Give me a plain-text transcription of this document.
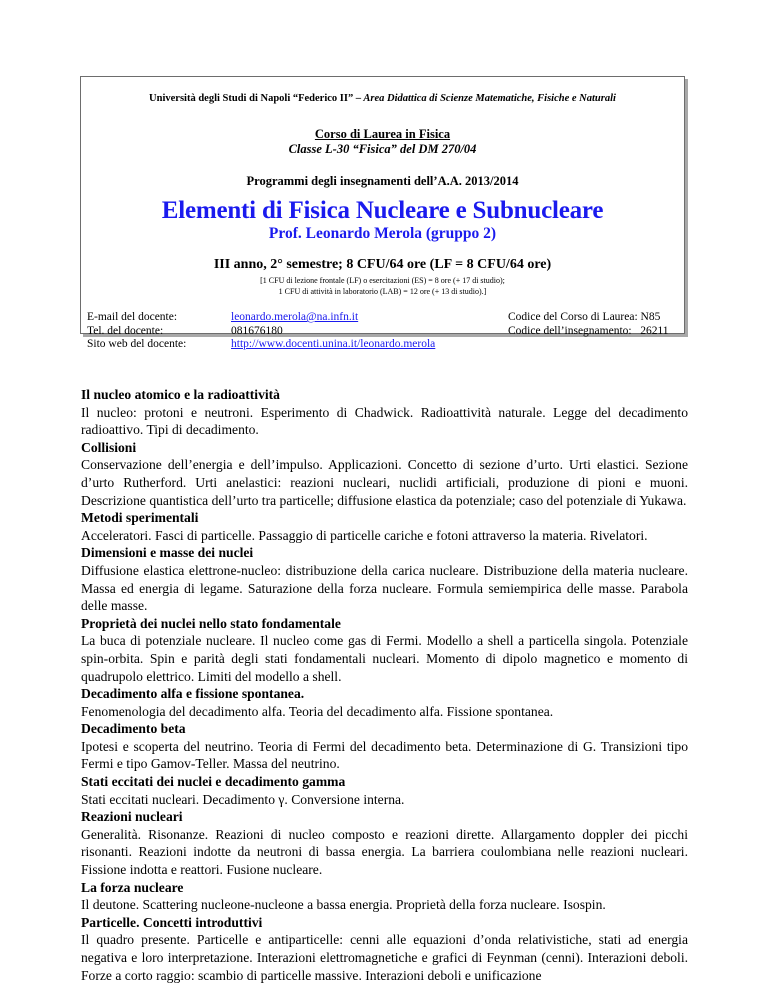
Università degli Studi di Napoli “Federico II” – Area Didattica di Scienze Matematiche, Fisiche e Naturali
Corso di Laurea in Fisica
Classe L-30 “Fisica” del DM 270/04
Programmi degli insegnamenti dell’A.A. 2013/2014
Elementi di Fisica Nucleare e Subnucleare
Prof. Leonardo Merola (gruppo 2)
III anno, 2° semestre; 8 CFU/64 ore (LF = 8 CFU/64 ore)
[1 CFU di lezione frontale (LF) o esercitazioni (ES) = 8 ore (+ 17 di studio);
1 CFU di attività in laboratorio (LAB) = 12 ore (+ 13 di studio).]
E-mail del docente:
Tel. del docente:
Sito web del docente:
leonardo.merola@na.infn.it
081676180
http://www.docenti.unina.it/leonardo.merola
Codice del Corso di Laurea: N85
Codice dell’insegnamento:   26211
Il nucleo atomico e la radioattività

Il nucleo: protoni e neutroni. Esperimento di Chadwick. Radioattività naturale. Legge del decadimento radioattivo. Tipi di decadimento.

Collisioni

Conservazione dell’energia e dell’impulso. Applicazioni. Concetto di sezione d’urto. Urti elastici. Sezione d’urto Rutherford. Urti anelastici: reazioni nucleari, nuclidi artificiali, produzione di pioni e muoni. Descrizione quantistica dell’urto tra particelle; diffusione elastica da potenziale; caso del potenziale di Yukawa.

Metodi sperimentali

Acceleratori. Fasci di particelle. Passaggio di particelle cariche e fotoni attraverso la materia. Rivelatori.

Dimensioni e masse dei nuclei

Diffusione elastica elettrone-nucleo: distribuzione della carica nucleare. Distribuzione della materia nucleare. Massa ed energia di legame. Saturazione della forza nucleare. Formula semiempirica delle masse. Parabola delle masse.

Proprietà dei nuclei nello stato fondamentale

La buca di potenziale nucleare. Il nucleo come gas di Fermi. Modello a shell a particella singola. Potenziale spin-orbita. Spin e parità degli stati fondamentali nucleari. Momento di dipolo magnetico e momento di quadrupolo elettrico. Limiti del modello a shell.

Decadimento alfa e fissione spontanea.

Fenomenologia del decadimento alfa. Teoria del decadimento alfa. Fissione spontanea.

Decadimento beta

Ipotesi e scoperta del neutrino. Teoria di Fermi del decadimento beta. Determinazione di G. Transizioni tipo Fermi e tipo Gamov-Teller. Massa del neutrino.

Stati eccitati dei nuclei e decadimento gamma

Stati eccitati nucleari. Decadimento γ. Conversione interna.

Reazioni nucleari

Generalità. Risonanze. Reazioni di nucleo composto e reazioni dirette. Allargamento doppler dei picchi risonanti. Reazioni indotte da neutroni di bassa energia. La barriera coulombiana nelle reazioni nucleari. Fissione indotta e reattori. Fusione nucleare.

La forza nucleare

Il deutone. Scattering nucleone-nucleone a bassa energia. Proprietà della forza nucleare. Isospin.

Particelle. Concetti introduttivi

Il quadro presente. Particelle e antiparticelle: cenni alle equazioni d’onda relativistiche, stati ad energia negativa e loro interpretazione. Interazioni elettromagnetiche e grafici di Feynman (cenni). Interazioni deboli. Forze a corto raggio: scambio di particelle massive. Interazioni deboli e unificazione
